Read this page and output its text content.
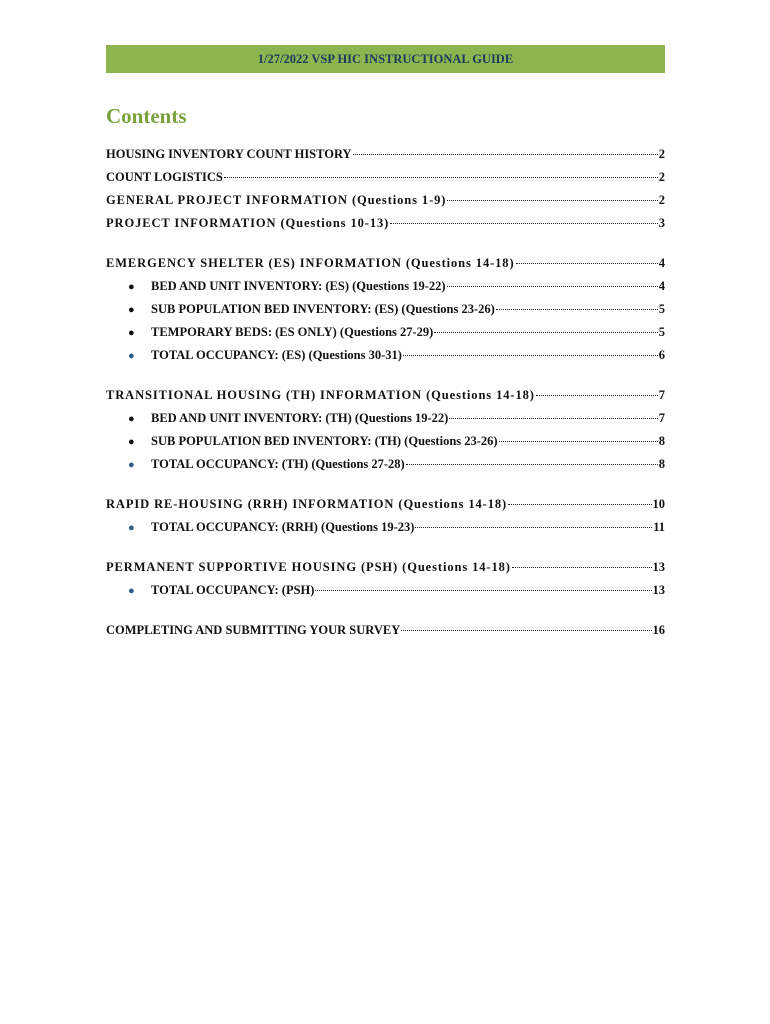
1/27/2022 VSP HIC INSTRUCTIONAL GUIDE
Contents
HOUSING INVENTORY COUNT HISTORY	2
COUNT LOGISTICS	2
GENERAL PROJECT INFORMATION (Questions 1-9)	2
PROJECT INFORMATION (Questions 10-13)	3
EMERGENCY SHELTER (ES) INFORMATION (Questions 14-18)	4
●	BED AND UNIT INVENTORY: (ES) (Questions 19-22)	4
●	SUB POPULATION BED INVENTORY: (ES) (Questions 23-26)	5
●	TEMPORARY BEDS: (ES ONLY) (Questions 27-29)	5
●	TOTAL OCCUPANCY: (ES) (Questions 30-31)	6
TRANSITIONAL HOUSING (TH) INFORMATION (Questions 14-18)	7
●	BED AND UNIT INVENTORY: (TH) (Questions 19-22)	7
●	SUB POPULATION BED INVENTORY: (TH) (Questions 23-26)	8
●	TOTAL OCCUPANCY: (TH) (Questions 27-28)	8
RAPID RE-HOUSING (RRH) INFORMATION (Questions 14-18)	10
●	TOTAL OCCUPANCY: (RRH) (Questions 19-23)	11
PERMANENT SUPPORTIVE HOUSING (PSH) (Questions 14-18)	13
●	TOTAL OCCUPANCY: (PSH)	13
COMPLETING AND SUBMITTING YOUR SURVEY	16
